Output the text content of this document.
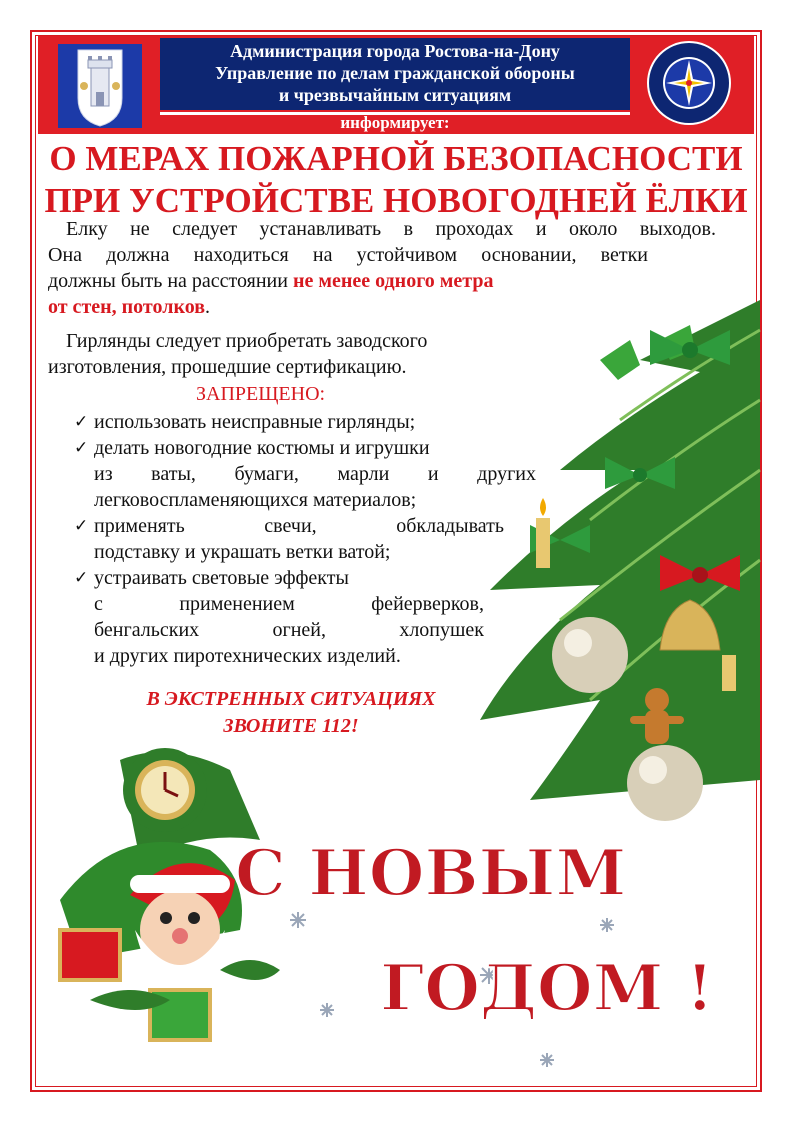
Администрация города Ростова-на-Дону
Управление по делам гражданской обороны
и чрезвычайным ситуациям
информирует:
О МЕРАХ ПОЖАРНОЙ БЕЗОПАСНОСТИ
ПРИ УСТРОЙСТВЕ НОВОГОДНЕЙ ЁЛКИ
С НОВЫМ
ГОДОМ !
Елку не следует устанавливать в проходах и около выходов.
Она должна находиться на устойчивом основании, ветки
должны быть на расстоянии не менее одного метра
от стен, потолков.
Гирлянды следует приобретать заводского
изготовления, прошедшие сертификацию.
ЗАПРЕЩЕНО:
✓ использовать неисправные гирлянды;
✓ делать новогодние костюмы и игрушки
из ваты, бумаги, марли и других
легковоспламеняющихся материалов;
✓ применять свечи, обкладывать
подставку и украшать ветки ватой;
✓ устраивать световые эффекты
с применением фейерверков,
бенгальских огней, хлопушек
и других пиротехнических изделий.
В ЭКСТРЕННЫХ СИТУАЦИЯХ
ЗВОНИТЕ 112!
